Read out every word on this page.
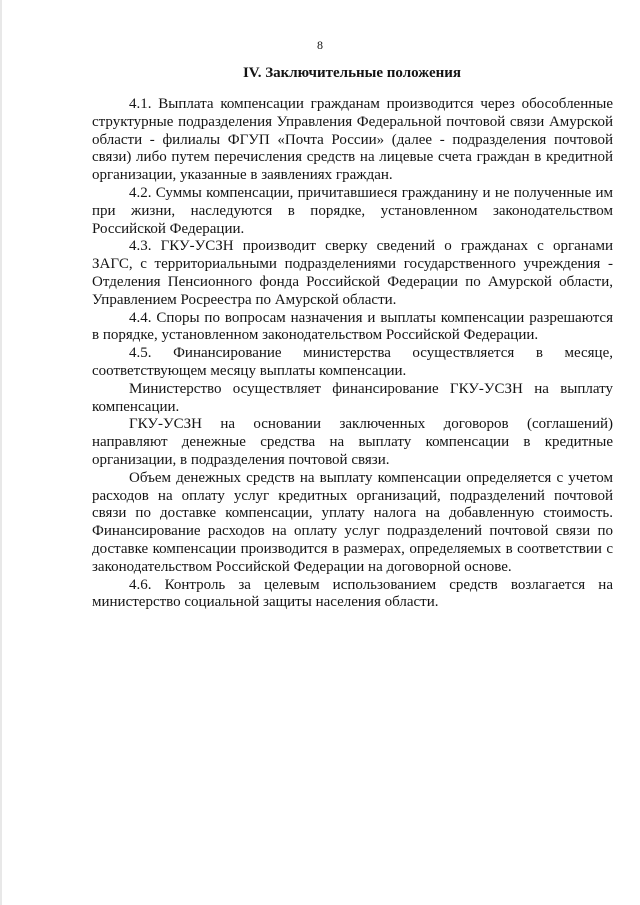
8
IV. Заключительные положения

4.1. Выплата компенсации гражданам производится через обособленные структурные подразделения Управления Федеральной почтовой связи Амурской области - филиалы ФГУП «Почта России» (далее - подразделения почтовой связи) либо путем перечисления средств на лицевые счета граждан в кредитной организации, указанные в заявлениях граждан.

4.2. Суммы компенсации, причитавшиеся гражданину и не полученные им при жизни, наследуются в порядке, установленном законодательством Российской Федерации.

4.3. ГКУ-УСЗН производит сверку сведений о гражданах с органами ЗАГС, с территориальными подразделениями государственного учреждения - Отделения Пенсионного фонда Российской Федерации по Амурской области, Управлением Росреестра по Амурской области.

4.4. Споры по вопросам назначения и выплаты компенсации разрешаются в порядке, установленном законодательством Российской Федерации.

4.5. Финансирование министерства осуществляется в месяце, соответствующем месяцу выплаты компенсации.

Министерство осуществляет финансирование ГКУ-УСЗН на выплату компенсации.

ГКУ-УСЗН на основании заключенных договоров (соглашений) направляют денежные средства на выплату компенсации в кредитные организации, в подразделения почтовой связи.

Объем денежных средств на выплату компенсации определяется с учетом расходов на оплату услуг кредитных организаций, подразделений почтовой связи по доставке компенсации, уплату налога на добавленную стоимость. Финансирование расходов на оплату услуг подразделений почтовой связи по доставке компенсации производится в размерах, определяемых в соответствии с законодательством Российской Федерации на договорной основе.

4.6. Контроль за целевым использованием средств возлагается на министерство социальной защиты населения области.
